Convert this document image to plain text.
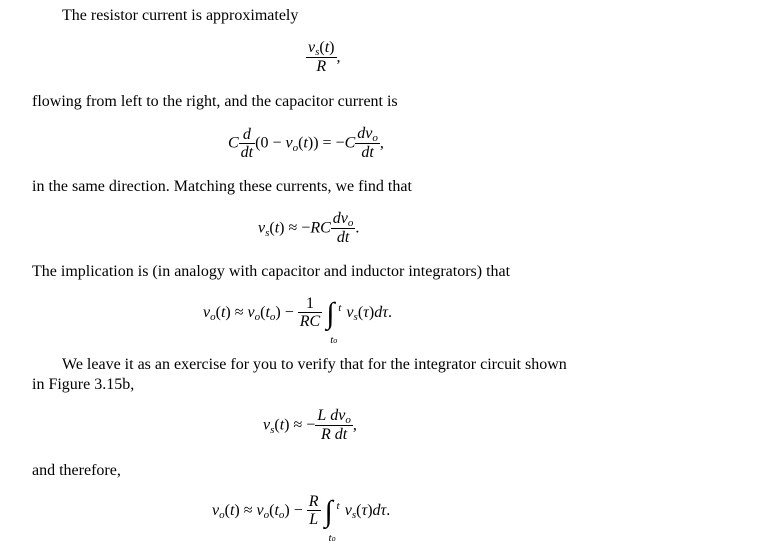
The resistor current is approximately
$\frac{vs(t)}{R}$ ,
flowing from left to the right, and the capacitor current is
C $\frac{d}{dt} (0 - vo(t)) = -C \frac{\text{dvo}}{dt}$ ,
in the same direction. Matching these currents, we find that
$vs(t) \approx -RC \frac{\text{dvo}}{dt}$ .
The implication is (in analogy with capacitor and inductor integrators) that
$vo(t) \approx vo(to) - \frac{1}{RC}$ ∫ t
to
vs(τ)dτ.
We leave it as an exercise for you to verify that for the integrator circuit shown
in Figure 3.15b,
vs(t) ≈ − $\frac{\text{L dvo}}{\text{R dt}}$ ,
and therefore,
$vo(t) \approx vo(to) - \frac{R}{L}$ ∫ t
to
vs(τ)dτ.
